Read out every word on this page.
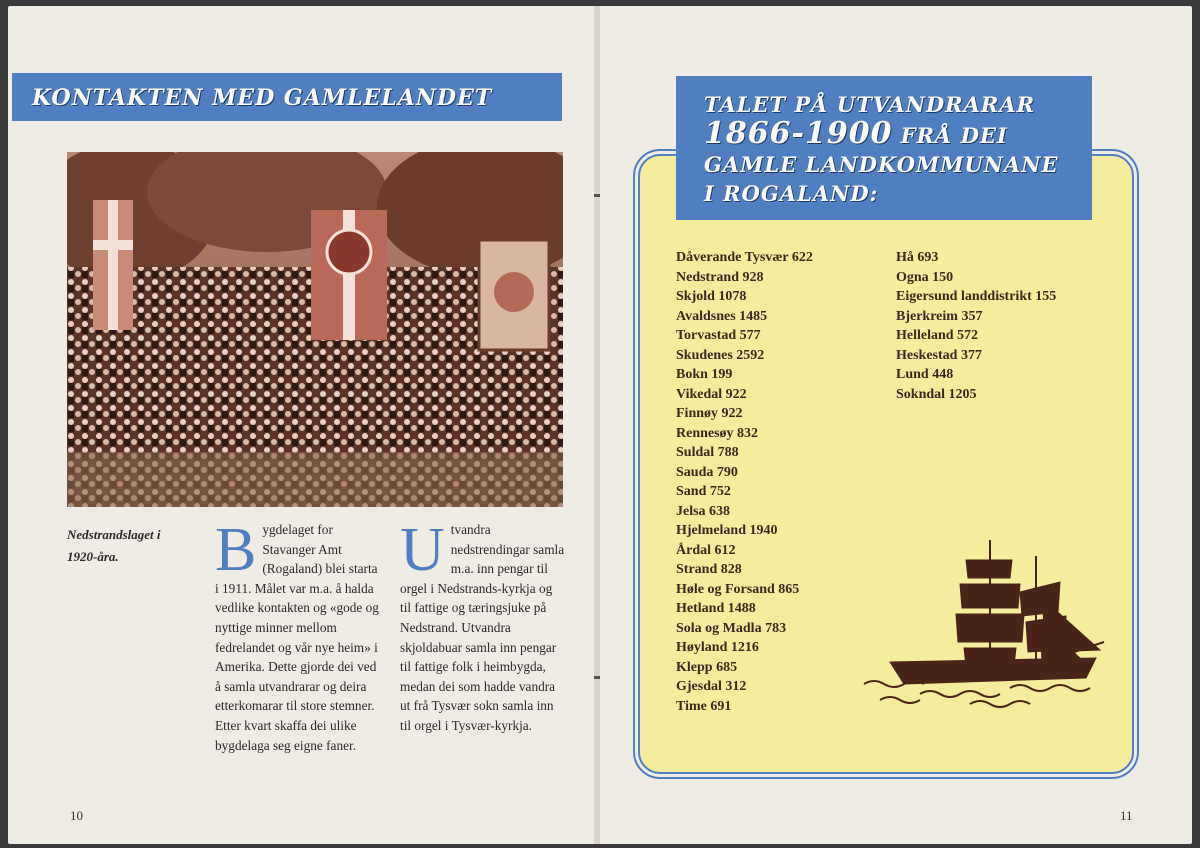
KONTAKTEN MED GAMLELANDET
Nedstrandslaget i 1920-åra.	Bygdelaget for Stavanger Amt (Rogaland) blei starta i 1911. Målet var m.a. å halda vedlike kontakten og «gode og nyttige minner mellom fedrelandet og vår nye heim» i Amerika. Dette gjorde dei ved å samla utvandrarar og deira etterkomarar til store stemner. Etter kvart skaffa dei ulike bygdelaga seg eigne faner.
Utvandra nedstrendingar samla m.a. inn pengar til orgel i Nedstrands-kyrkja og til fattige og tæringsjuke på Nedstrand. Utvandra skjoldabuar samla inn pengar til fattige folk i heimbygda, medan dei som hadde vandra ut frå Tysvær sokn samla inn til orgel i Tysvær-kyrkja.
10
TALET PÅ UTVANDRARAR
1866-1900 FRÅ DEI
GAMLE LANDKOMMUNANE
I ROGALAND:
Dåverande Tysvær 622
Nedstrand 928
Skjold 1078
Avaldsnes 1485
Torvastad 577
Skudenes 2592
Bokn 199
Vikedal 922
Finnøy 922
Rennesøy 832
Suldal 788
Sauda 790
Sand 752
Jelsa 638
Hjelmeland 1940
Årdal 612
Strand 828
Høle og Forsand 865
Hetland 1488
Sola og Madla 783
Høyland 1216
Klepp 685
Gjesdal 312
Time 691
Hå 693
Ogna 150
Eigersund landdistrikt 155
Bjerkreim 357
Helleland 572
Heskestad 377
Lund 448
Sokndal 1205
11
